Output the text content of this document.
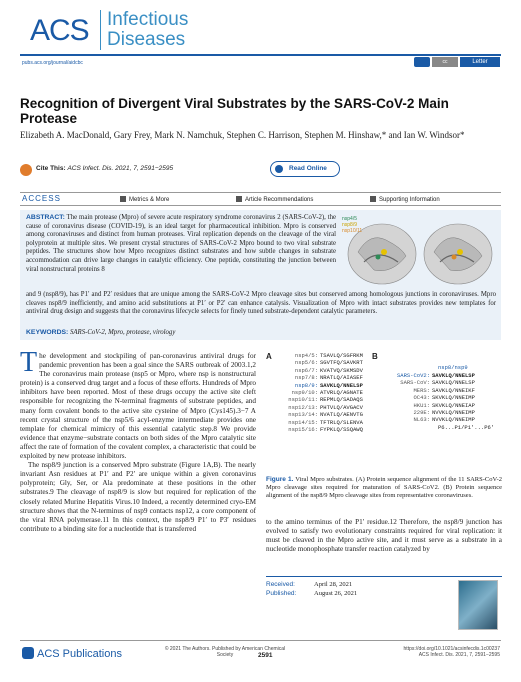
ACS Infectious
Diseases
pubs.acs.org/journal/aidcbc	cc	Letter
Recognition of Divergent Viral Substrates by the SARS-CoV-2 Main Protease
Elizabeth A. MacDonald, Gary Frey, Mark N. Namchuk, Stephen C. Harrison, Stephen M. Hinshaw,* and Ian W. Windsor*
Cite This: ACS Infect. Dis. 2021, 7, 2591−2595	Read Online
ACCESS	Metrics & More	Article Recommendations	Supporting Information
ABSTRACT: The main protease (Mpro) of severe acute respiratory syndrome coronavirus 2 (SARS-CoV-2), the cause of coronavirus disease (COVID-19), is an ideal target for pharmaceutical inhibition. Mpro is conserved among coronaviruses and distinct from human proteases. Viral replication depends on the cleavage of the viral polyprotein at multiple sites. We present crystal structures of SARS-CoV-2 Mpro bound to two viral substrate peptides. The structures show how Mpro recognizes distinct substrates and how subtle changes in substrate accommodation can drive large changes in catalytic efficiency. One peptide, constituting the junction between viral nonstructural proteins 8
and 9 (nsp8/9), has P1′ and P2′ residues that are unique among the SARS-CoV-2 Mpro cleavage sites but conserved among homologous junctions in coronaviruses. Mpro cleaves nsp8/9 inefficiently, and amino acid substitutions at P1′ or P2′ can enhance catalysis. Visualization of Mpro with intact substrates provides new templates for antiviral drug design and suggests that the coronavirus lifecycle selects for finely tuned substrate-dependent catalytic parameters.
KEYWORDS: SARS-CoV-2, Mpro, protease, virology
nsp4/5
nsp8/9
nsp10/11

The development and stockpiling of pan-coronavirus antiviral drugs for pandemic prevention has been a goal since the SARS outbreak of 2003.1,2 The coronavirus main protease (nsp5 or Mpro, where nsp is nonstructural protein) is a conserved drug target and a focus of these efforts. Hundreds of Mpro inhibitors have been reported. Most of these drugs occupy the active site cleft responsible for recognizing the N-terminal fragments of substrate peptides, and many form covalent bonds to the active site cysteine of Mpro (Cys145).3−7 A recent crystal structure of the nsp5/6 acyl-enzyme intermediate provides one template for chemical mimicry of this essential catalytic step.8 We provide evidence that enzyme−substrate contacts on both sides of the Mpro catalytic site affect the rate of formation of the covalent complex, a characteristic that could be exploited by new protease inhibitors.

The nsp8/9 junction is a conserved Mpro substrate (Figure 1A,B). The nearly invariant Asn residues at P1′ and P2′ are unique within a given coronavirus polyprotein; Gly, Ser, or Ala predominate at these positions in the other substrates.9 The cleavage of nsp8/9 is slow but required for replication of the closely related Murine Hepatitis Virus.10 Indeed, a recently determined cryo-EM structure shows that the N-terminus of nsp9 contacts nsp12, a core component of the viral RNA polymerase.11 In this context, the nsp8/9 P1′ to P3′ residues contribute to a binding site for a nucleotide that is transferred

A	nsp4/5: TSAVLQ/SGFRKM
nsp5/6: SGVTFQ/SAVKRT
nsp6/7: KVATVQ/SKMSDV
nsp7/8: NRATLQ/AIASEF
nsp8/9: SAVKLQ/NNELSP
nsp9/10: ATVRLQ/AGNATE
nsp10/11: REPMLQ/SADAQS
nsp12/13: PHTVLQ/AVGACV
nsp13/14: NVATLQ/AENVTG
nsp14/15: TFTRLQ/SLENVA
nsp15/16: FYPKLQ/SSQAWQ
B
nsp8/nsp9
SARS-CoV2: SAVKLQ/NNELSP
SARS-CoV: SAVKLQ/NNELSP
MERS: SAVKLQ/NNEIKF
OC43: SKVKLQ/NNEIMP
HKU1: SKVKLQ/NNEIAP
229E: NVVKLQ/NNEIMP
NL63: NVVKLQ/NNEIMP
P6...P1/P1'...P6'
Figure 1. Viral Mpro substrates. (A) Protein sequence alignment of the 11 SARS-CoV-2 Mpro cleavage sites required for maturation of SARS-CoV2. (B) Protein sequence alignment of the nsp8/9 Mpro cleavage sites from representative coronaviruses.
to the amino terminus of the P1′ residue.12 Therefore, the nsp8/9 junction has evolved to satisfy two evolutionary constraints required for viral replication: it must be cleaved in the Mpro active site, and it must serve as a substrate in a nucleotide monophosphate transfer reaction catalyzed by
Received:	April 28, 2021
Published:	August 26, 2021
ACS Publications	© 2021 The Authors. Published by American Chemical Society	2591
https://doi.org/10.1021/acsinfecdis.1c00237
ACS Infect. Dis. 2021, 7, 2591−2595
